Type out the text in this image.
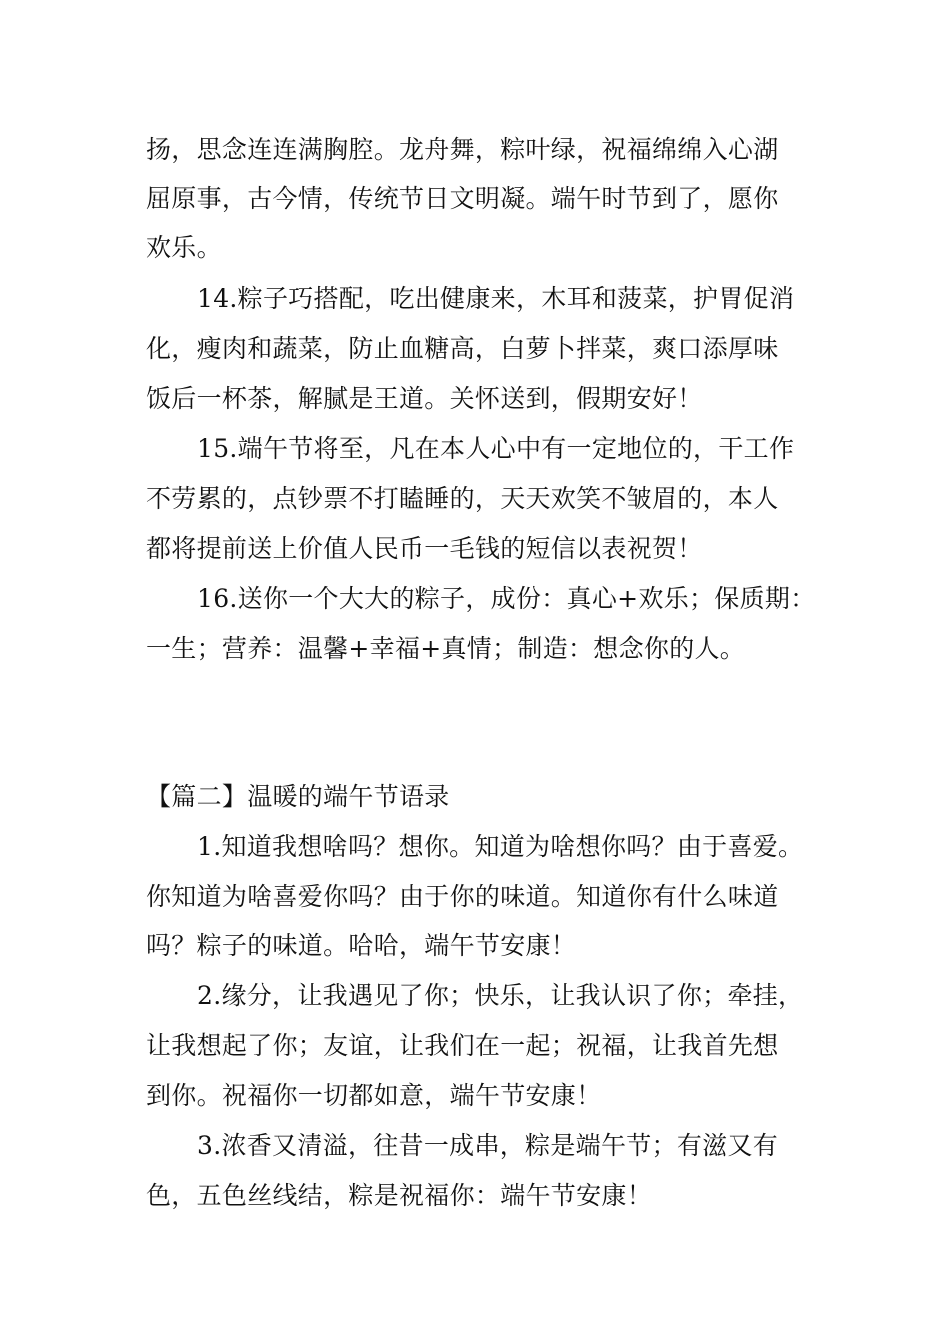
扬，思念连连满胸腔。龙舟舞，粽叶绿，祝福绵绵入心湖
屈原事，古今情，传统节日文明凝。端午时节到了，愿你
欢乐。
14.粽子巧搭配，吃出健康来，木耳和菠菜，护胃促消
化，瘦肉和蔬菜，防止血糖高，白萝卜拌菜，爽口添厚味
饭后一杯茶，解腻是王道。关怀送到，假期安好！
15.端午节将至，凡在本人心中有一定地位的，干工作
不劳累的，点钞票不打瞌睡的，天天欢笑不皱眉的，本人
都将提前送上价值人民币一毛钱的短信以表祝贺！
16.送你一个大大的粽子，成份：真心+欢乐；保质期：
一生；营养：温馨+幸福+真情；制造：想念你的人。
【篇二】温暖的端午节语录
1.知道我想啥吗？想你。知道为啥想你吗？由于喜爱。
你知道为啥喜爱你吗？由于你的味道。知道你有什么味道
吗？粽子的味道。哈哈，端午节安康！
2.缘分，让我遇见了你；快乐，让我认识了你；牵挂，
让我想起了你；友谊，让我们在一起；祝福，让我首先想
到你。祝福你一切都如意，端午节安康！
3.浓香又清溢，往昔一成串，粽是端午节；有滋又有
色，五色丝线结，粽是祝福你：端午节安康！
